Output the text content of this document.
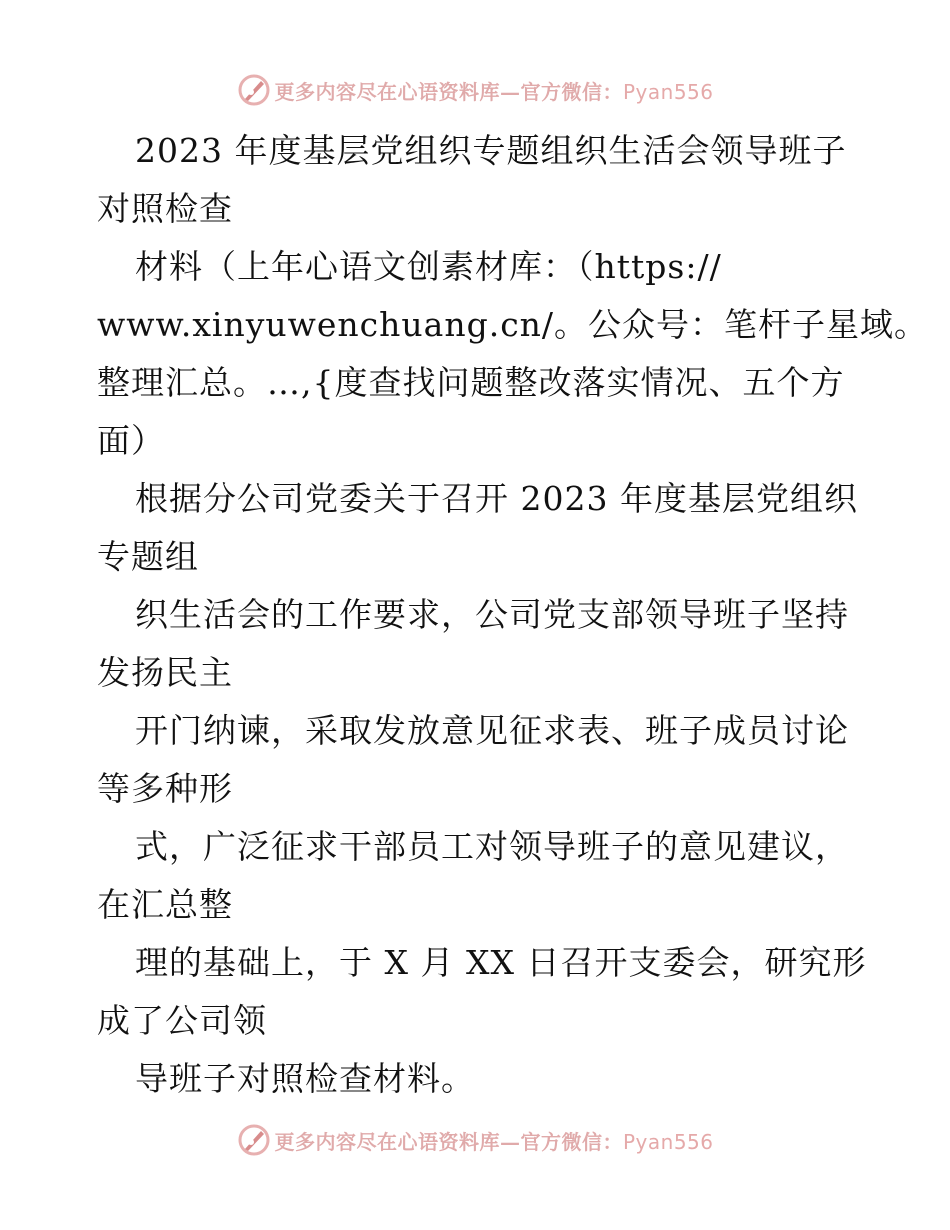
更多内容尽在心语资料库—官方微信：Pyan556
2023 年度基层党组织专题组织生活会领导班子
对照检查
材料（上年心语文创素材库：（https://
www.xinyuwenchuang.cn/。公众号：笔杆子星域。
整理汇总。…,{度查找问题整改落实情况、五个方
面）
根据分公司党委关于召开 2023 年度基层党组织
专题组
织生活会的工作要求，公司党支部领导班子坚持
发扬民主
开门纳谏，采取发放意见征求表、班子成员讨论
等多种形
式，广泛征求干部员工对领导班子的意见建议，
在汇总整
理的基础上，于 X 月 XX 日召开支委会，研究形
成了公司领
导班子对照检查材料。
更多内容尽在心语资料库—官方微信：Pyan556
